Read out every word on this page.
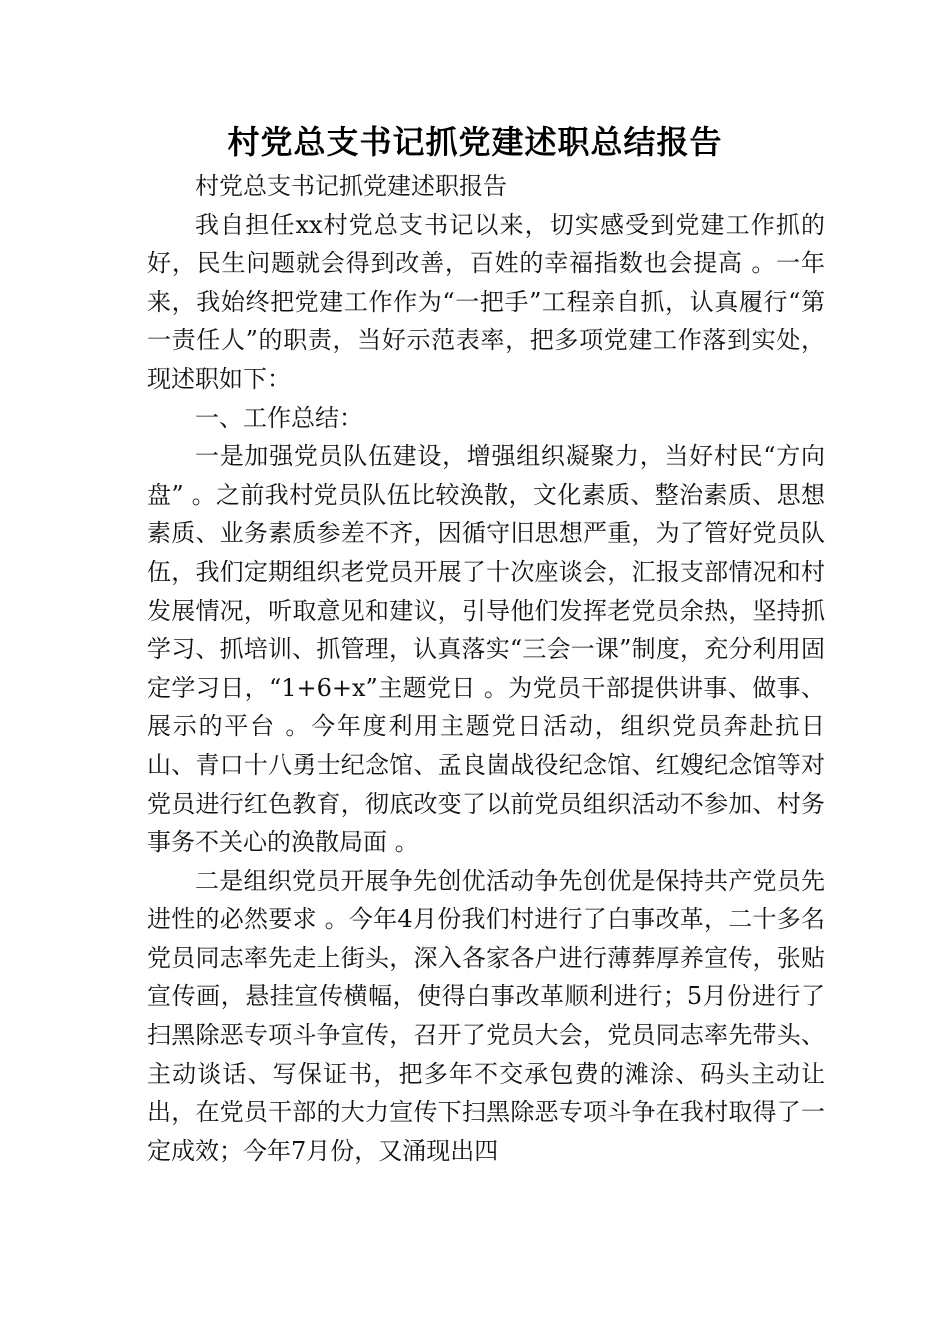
村党总支书记抓党建述职总结报告

村党总支书记抓党建述职报告

我自担任xx村党总支书记以来，切实感受到党建工作抓的好，民生问题就会得到改善，百姓的幸福指数也会提高 。一年来，我始终把党建工作作为“一把手”工程亲自抓，认真履行“第一责任人”的职责，当好示范表率，把多项党建工作落到实处，现述职如下：

一、工作总结：

一是加强党员队伍建设，增强组织凝聚力，当好村民“方向盘” 。之前我村党员队伍比较涣散，文化素质、整治素质、思想素质、业务素质参差不齐，因循守旧思想严重，为了管好党员队伍，我们定期组织老党员开展了十次座谈会，汇报支部情况和村发展情况，听取意见和建议，引导他们发挥老党员余热，坚持抓学习、抓培训、抓管理，认真落实“三会一课”制度，充分利用固定学习日，“1+6+x”主题党日 。为党员干部提供讲事、做事、展示的平台 。今年度利用主题党日活动，组织党员奔赴抗日山、青口十八勇士纪念馆、孟良崮战役纪念馆、红嫂纪念馆等对党员进行红色教育，彻底改变了以前党员组织活动不参加、村务事务不关心的涣散局面 。

二是组织党员开展争先创优活动争先创优是保持共产党员先进性的必然要求 。今年4月份我们村进行了白事改革，二十多名党员同志率先走上街头，深入各家各户进行薄葬厚养宣传，张贴宣传画，悬挂宣传横幅，使得白事改革顺利进行；5月份进行了扫黑除恶专项斗争宣传，召开了党员大会，党员同志率先带头、主动谈话、写保证书，把多年不交承包费的滩涂、码头主动让出，在党员干部的大力宣传下扫黑除恶专项斗争在我村取得了一定成效；今年7月份，又涌现出四
